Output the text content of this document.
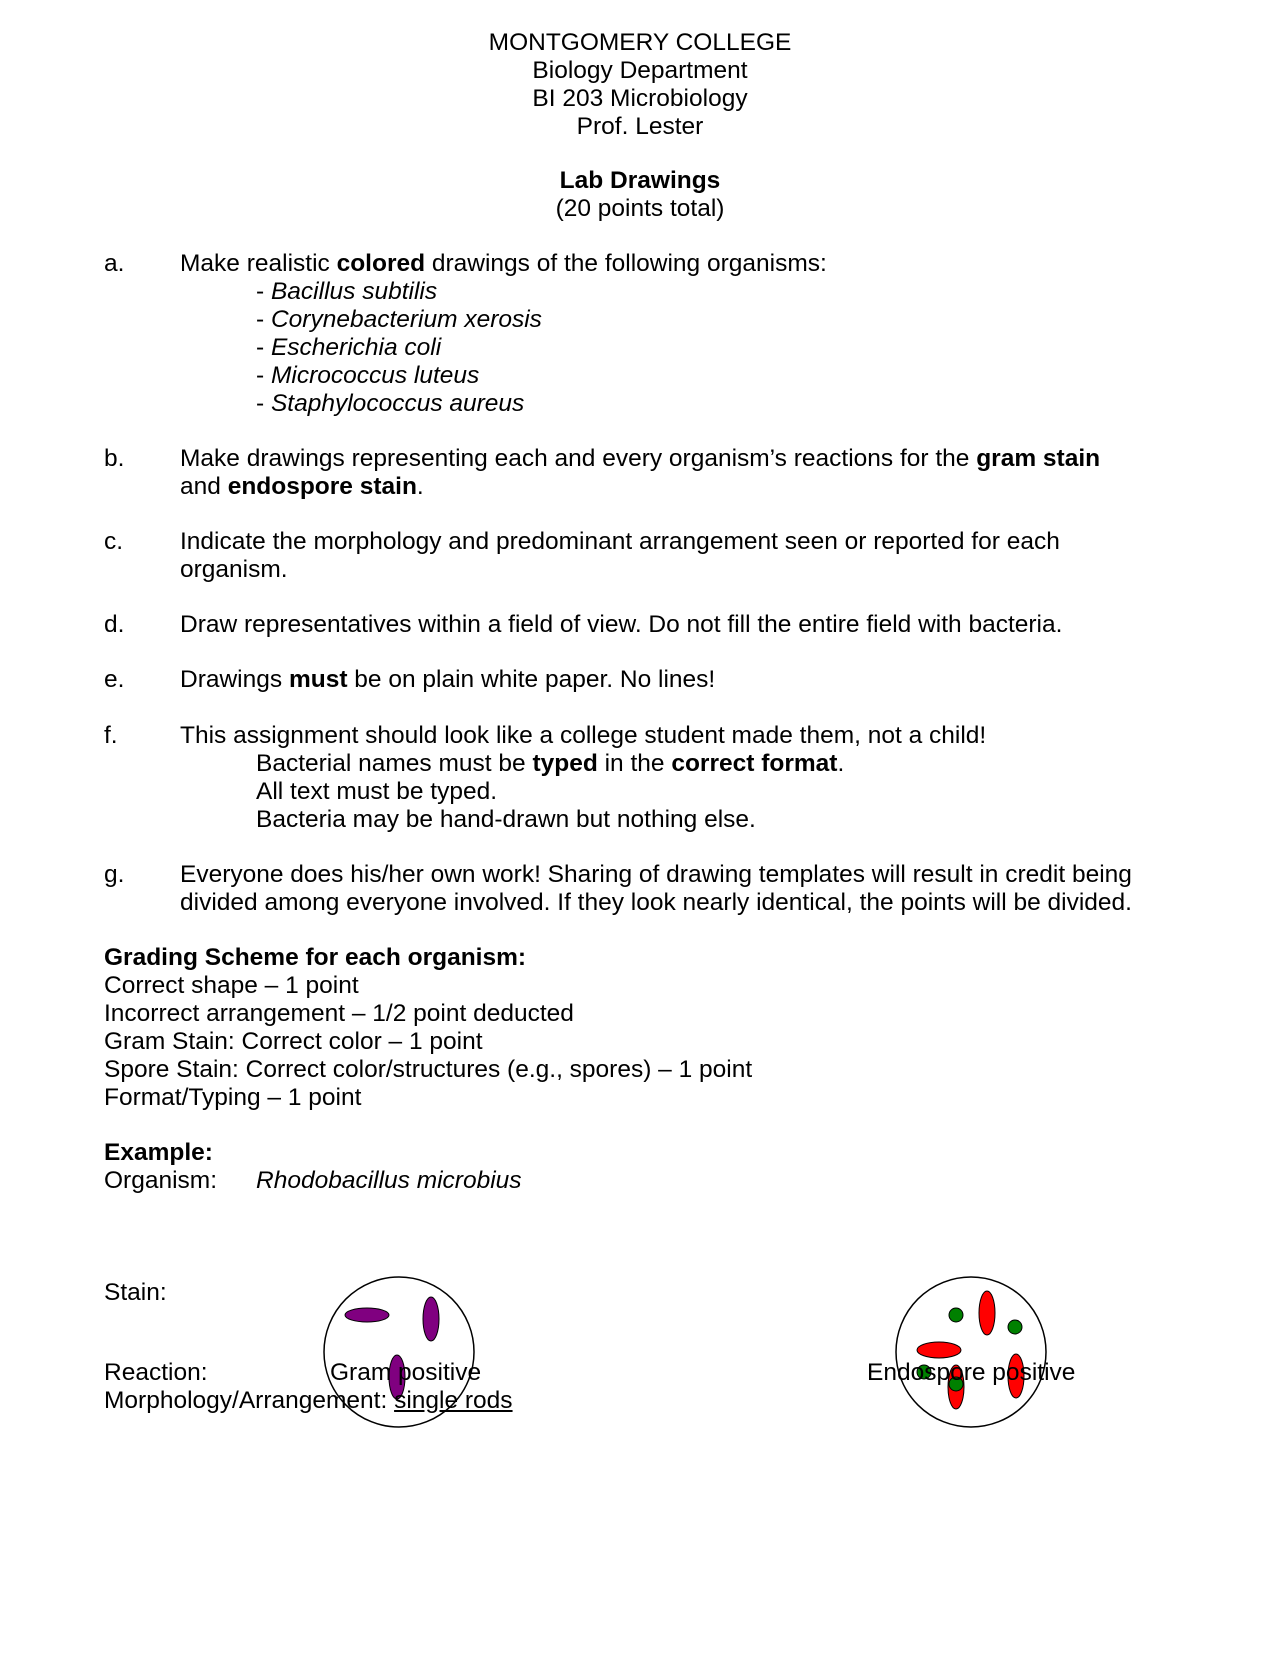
MONTGOMERY COLLEGE
Biology Department
BI 203 Microbiology
Prof. Lester
Lab Drawings
(20 points total)
a. Make realistic colored drawings of the following organisms:
- Bacillus subtilis
- Corynebacterium xerosis
- Escherichia coli
- Micrococcus luteus
- Staphylococcus aureus
b. Make drawings representing each and every organism’s reactions for the gram stain
and endospore stain.
c. Indicate the morphology and predominant arrangement seen or reported for each
organism.
d. Draw representatives within a field of view. Do not fill the entire field with bacteria.
e. Drawings must be on plain white paper. No lines!
f.	This assignment should look like a college student made them, not a child!
Bacterial names must be typed in the correct format.
All text must be typed.
Bacteria may be hand-drawn but nothing else.
g. Everyone does his/her own work! Sharing of drawing templates will result in credit being
divided among everyone involved. If they look nearly identical, the points will be divided.
Grading Scheme for each organism:
Correct shape – 1 point
Incorrect arrangement – 1/2 point deducted
Gram Stain: Correct color – 1 point
Spore Stain: Correct color/structures (e.g., spores) – 1 point
Format/Typing – 1 point
Example:
Organism: Rhodobacillus microbius
Stain:
Reaction:	Gram positive	Endospore positive
Morphology/Arrangement: single rods
